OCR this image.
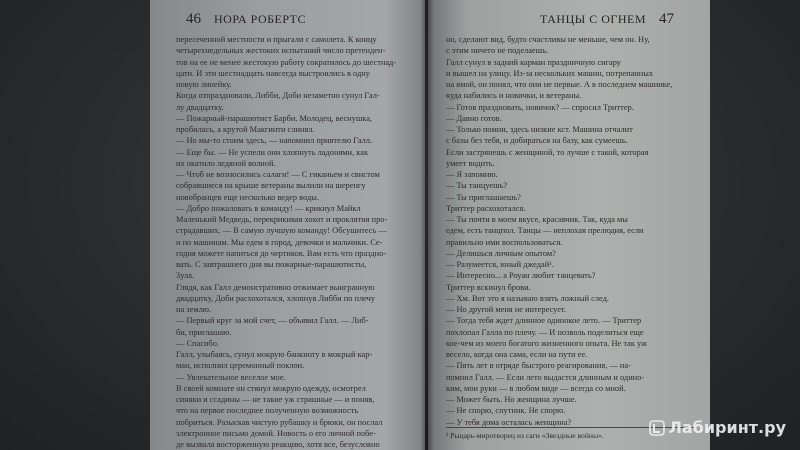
46 НОРА РОБЕРТС
пересеченной местности и прыгали с самолета. К концу
четырехнедельных жестоких испытаний число претенден-
тов на ее не менее жестокую работу сократилось до шестнад-
цати. И эти шестнадцать навсегда выстроились в одну
новую линейку.
Когда отпраздновали, Либби, Доби незаметно сунул Гал-
лу двадцатку.
— Пожарный-парашютист Барби. Молодец, веснушка,
пробилась, а крутой Макгинти слинял.
— Но мы-то стоим здесь, — напомнил приятелю Галл.
— Еще бы. — Не успели они хлопнуть ладонями, как
их окатило ледяной волной.
— Чтоб не возносились салаги! — С гиканьем и свистом
собравшиеся на крыше ветераны вылили на шеренгу
новобранцев еще несколько ведер воды.
— Добро пожаловать в команду! — крикнул Майкл
Маленький Медведь, перекрикивая хохот и проклятия про-
страдавших. — В самую лучшую команду! Обсушитесь —
и по машинам. Мы едем в город, девочки и мальчики. Се-
годня можете напиться до чертиков. Вам есть что праздно-
вать. С завтрашнего дня вы пожарные-парашютисты,
Зула.
Глядя, как Галл демонстративно отжимает выигранную
двадцатку, Доби расхохотался, хлопнув Либби по плечу
на землю.
— Первый круг за мой счет, — объявил Галл. — Либ-
би, приглашаю.
— Спасибо.
Галл, улыбаясь, сунул мокрую банкноту в мокрый кар-
ман, исполнил церемонный поклон.
— Увлекательное веселое мое.
В своей комнате он стянул мокрую одежду, осмотрел
синяки и ссадины — не такие уж страшные — и поняв,
что на первое последнее полученную возможность
побриться. Разыскав чистую рубашку и брюки, он послал
электронное письмо домой. Новость о его личной побе-
де вызвала восторженную реакцию, хотя все, безусловно
ТАНЦЫ С ОГНЕМ 47
но, сделают вид, будто счастливы не меньше, чем он. Ну,
с этим ничего не поделаешь.
Галл сунул в задний карман праздничную сигару
и вышел на улицу. Из-за нескольких машин, потрепанных
на ямой, он понял, что они не первые. А в последнем машинке,
куда набились и новички, и ветераны.
— Готов праздновать, новичок? — спросил Триттер.
— Давно готов.
— Только помни, здесь низкие кст. Машина отчалит
с базы без тебя, и добираться на базу, как сумеешь.
Если застрянешь с женщиной, то лучше с такой, которая
умеет водить.
— Я запомню.
— Ты танцуешь?
— Ты приглашаешь?
Триттер расхохотался.
— Ты почти в моем вкусе, красавчик. Так, куда мы
едем, есть танцпол. Танцы — неплохая прелюдия, если
правильно ими воспользоваться.
— Делишься личным опытом?
— Разумеется, юный джедай¹.
— Интересно... а Роуан любит танцевать?
Триттер вскинул брови.
— Хм. Вот это я называю взять ложный след.
— Но другой меня не интересует.
— Тогда тебя ждет длинное одинокое лето. — Триттер
похлопал Галла по плечу. — И позволь поделиться еще
кое-чем из моего богатого жизненного опыта. Не так уж
весело, когда она сама, если на пути ее.
— Пять лет в отряде быстрого реагирования, — на-
помнил Галл. — Если лето выдастся длинным и одино-
ким, мои руки — в любом виде — всегда со мной.
— Может быть. Но женщина лучше.
— Не спорю, спутник. Не спорю.
— У тебя дома осталась женщина?
¹ Рыцарь-миротворец из саги «Звездные войны».	Лабиринт.ру
